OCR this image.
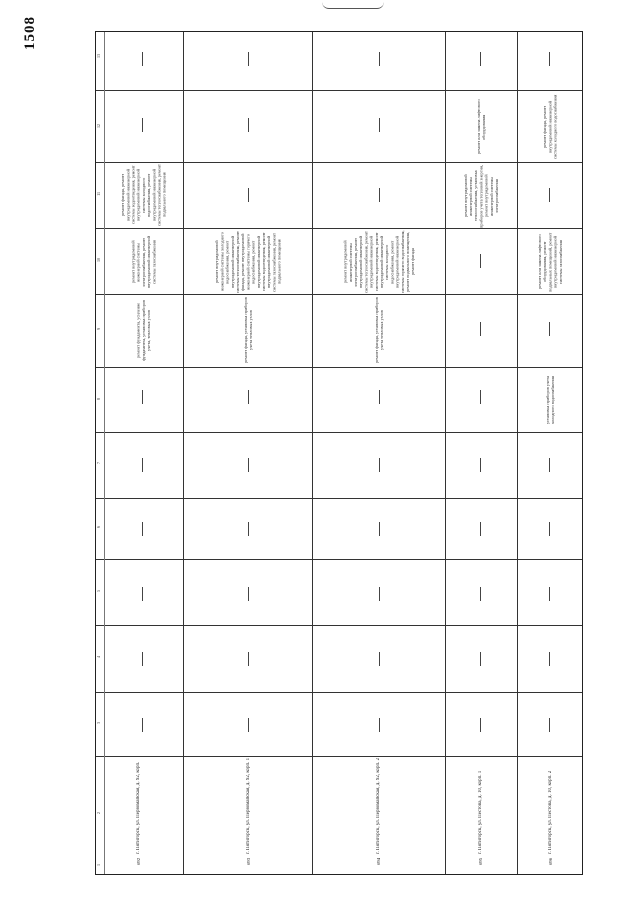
1508
13
12
11
10
9
8
7
6
5
4
3
2
1
692
г. Пятигорск, ул. Первомайская, д. 92, корп.
ремонт фундамента, усиление фундамента, установка приборов учета, тепловых узлов
ремонт внутридомовой инженерной системы электроснабжения, ремонт внутридомовой инженерной системы газоснабжения
ремонт фасада, ремонт внутридомовой инженерной системы водоотведения, ремонт внутридомовой инженерной системы холодного водоснабжения, ремонт внутридомовой инженерной системы теплоснабжения, ремонт подвального помещения
693
г. Пятигорск, ул. Первомайская, д. 92, корп. 1
ремонт фасада, установка приборов учета тепловых узлов
ремонт внутридомовой инженерной системы холодного водоснабжения, ремонт внутридомовой инженерной системы теплоснабжения, ремонт фасада, ремонт внутридомовой инженерной системы горячего водоснабжения, ремонт внутридомовой инженерной системы водоотведения, ремонт внутридомовой инженерной системы газоснабжения, ремонт подвального помещения
694
г. Пятигорск, ул. Первомайская, д. 92, корп. 2
ремонт фасада, установка приборов учета тепловых узлов
ремонт внутридомовой инженерной системы электроснабжения, ремонт внутридомовой инженерной системы теплоснабжения, ремонт внутридомовой инженерной системы водоотведения, ремонт внутридомовой инженерной системы холодного водоснабжения, ремонт внутридомовой инженерной системы горячего водоснабжения, ремонт подвального помещения, ремонт фасада
695
г. Пятигорск, ул. Пестова, д. 10, корп. 1
ремонт внутридомовой инженерной системы теплоснабжения, установка приборов учета тепловой энергии, ремонт внутридомовой инженерной системы электроснабжения
ремонт или замена лифтового оборудования
696
г. Пятигорск, ул. Пестова, д. 10, корп. 2
установка приборов учета холодного водоснабжения
ремонт или замена лифтового оборудования, ремонт подвальных помещений, ремонт внутридомовой инженерной системы газоснабжения
ремонт фасада, ремонт внутридомовой инженерной системы холодного водоснабжения
